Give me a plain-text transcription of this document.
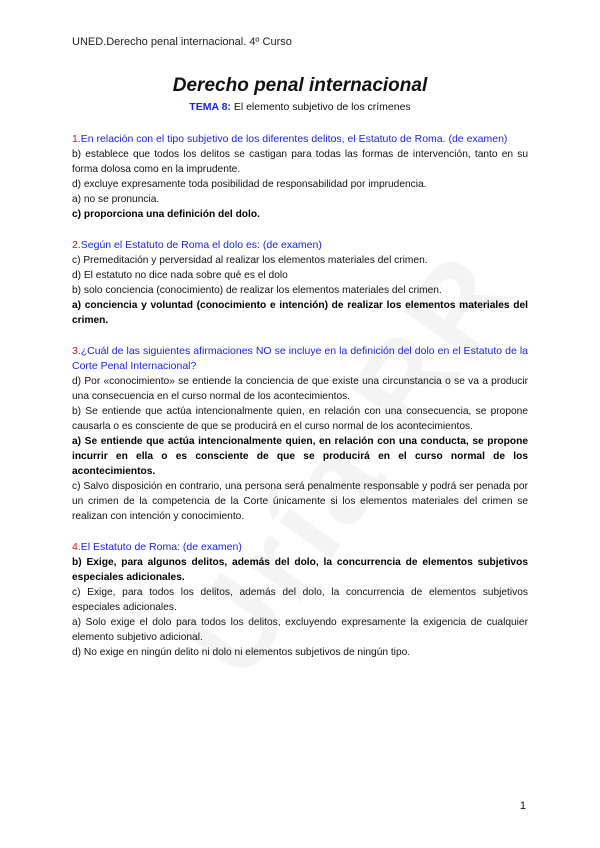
UNED.Derecho penal internacional. 4º Curso
Derecho penal internacional
TEMA 8: El elemento subjetivo de los crímenes
1.En relación con el tipo subjetivo de los diferentes delitos, el Estatuto de Roma. (de examen)
b) establece que todos los delitos se castigan para todas las formas de intervención, tanto en su forma dolosa como en la imprudente.
d) excluye expresamente toda posibilidad de responsabilidad por imprudencia.
a) no se pronuncia.
c) proporciona una definición del dolo.
2.Según el Estatuto de Roma el dolo es: (de examen)
c) Premeditación y perversidad al realizar los elementos materiales del crimen.
d) El estatuto no dice nada sobre qué es el dolo
b) solo conciencia (conocimiento) de realizar los elementos materiales del crimen.
a) conciencia y voluntad (conocimiento e intención) de realizar los elementos materiales del crimen.
3.¿Cuál de las siguientes afirmaciones NO se incluye en la definición del dolo en el Estatuto de la Corte Penal Internacional?
d) Por «conocimiento» se entiende la conciencia de que existe una circunstancia o se va a producir una consecuencia en el curso normal de los acontecimientos.
b) Se entiende que actúa intencionalmente quien, en relación con una consecuencia, se propone causarla o es consciente de que se producirá en el curso normal de los acontecimientos.
a) Se entiende que actúa intencionalmente quien, en relación con una conducta, se propone incurrir en ella o es consciente de que se producirá en el curso normal de los acontecimientos.
c) Salvo disposición en contrario, una persona será penalmente responsable y podrá ser penada por un crimen de la competencia de la Corte únicamente si los elementos materiales del crimen se realizan con intención y conocimiento.
4.El Estatuto de Roma: (de examen)
b) Exige, para algunos delitos, además del dolo, la concurrencia de elementos subjetivos especiales adicionales.
c) Exige, para todos los delitos, además del dolo, la concurrencia de elementos subjetivos especiales adicionales.
a) Solo exige el dolo para todos los delitos, excluyendo expresamente la exigencia de cualquier elemento subjetivo adicional.
d) No exige en ningún delito ni dolo ni elementos subjetivos de ningún tipo.
1
